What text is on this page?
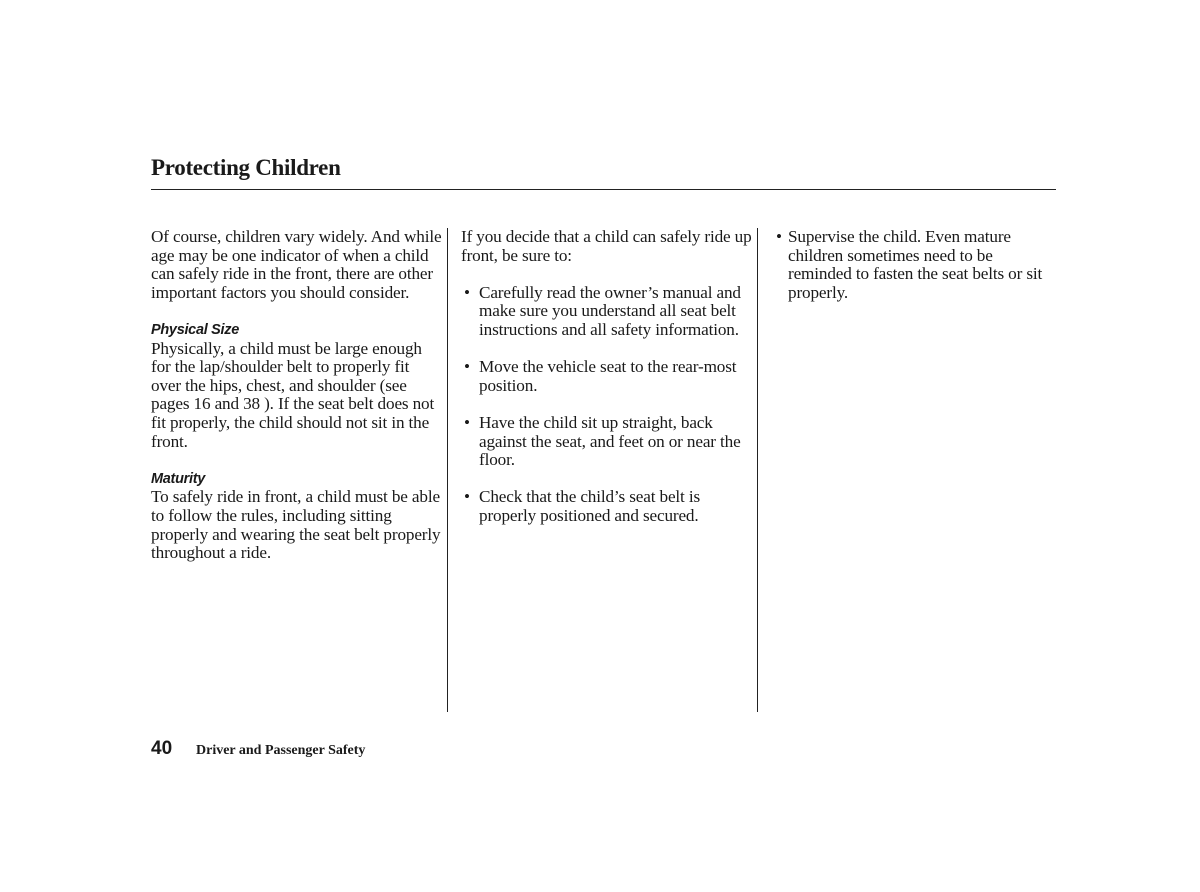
Protecting Children

Of course, children vary widely. And while age may be one indicator of when a child can safely ride in the front, there are other important factors you should consider.

Physical Size

Physically, a child must be large enough for the lap/shoulder belt to properly fit over the hips, chest, and shoulder (see pages 16 and 38 ). If the seat belt does not fit properly, the child should not sit in the front.

Maturity

To safely ride in front, a child must be able to follow the rules, including sitting properly and wearing the seat belt properly throughout a ride.

If you decide that a child can safely ride up front, be sure to:

• Carefully read the owner’s manual and make sure you understand all seat belt instructions and all safety information.
• Move the vehicle seat to the rear-most position.
• Have the child sit up straight, back against the seat, and feet on or near the floor.
• Check that the child’s seat belt is properly positioned and secured.
• Supervise the child. Even mature children sometimes need to be reminded to fasten the seat belts or sit properly.
40 Driver and Passenger Safety
